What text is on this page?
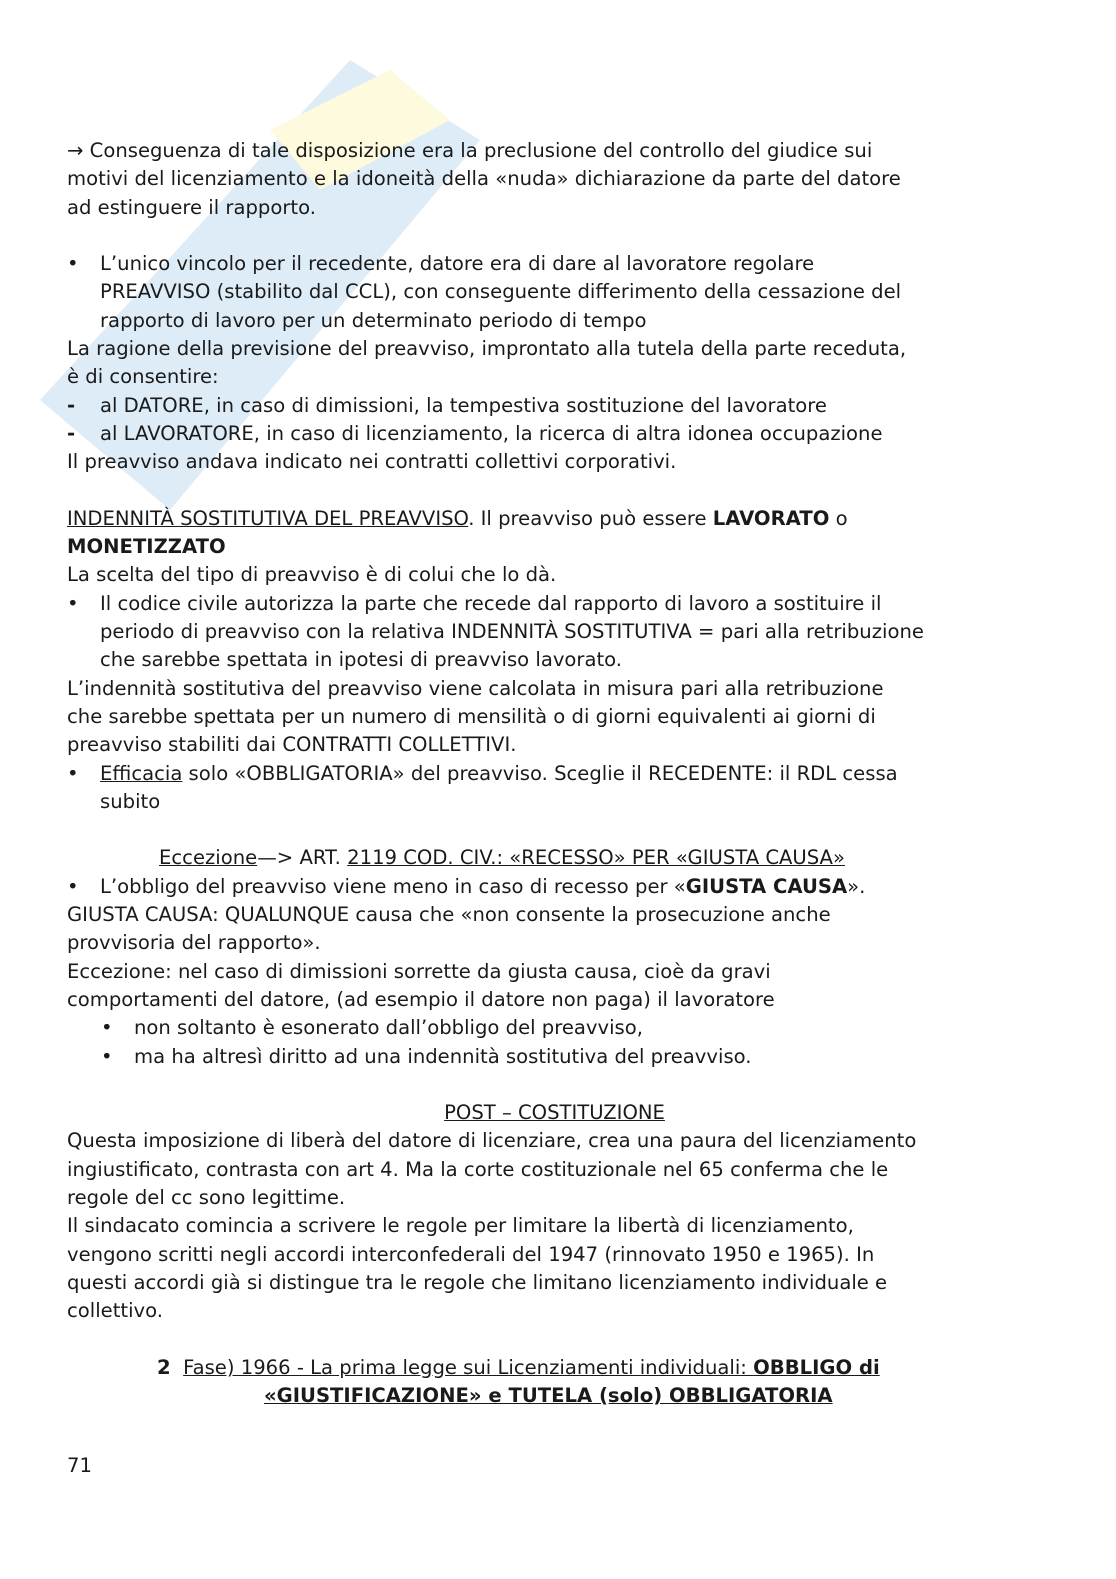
→ Conseguenza di tale disposizione era la preclusione del controllo del giudice sui
motivi del licenziamento e la idoneità della «nuda» dichiarazione da parte del datore
ad estinguere il rapporto.
• L’unico vincolo per il recedente, datore era di dare al lavoratore regolare
PREAVVISO (stabilito dal CCL), con conseguente differimento della cessazione del
rapporto di lavoro per un determinato periodo di tempo
La ragione della previsione del preavviso, improntato alla tutela della parte receduta,
è di consentire:
- al DATORE, in caso di dimissioni, la tempestiva sostituzione del lavoratore
- al LAVORATORE, in caso di licenziamento, la ricerca di altra idonea occupazione
Il preavviso andava indicato nei contratti collettivi corporativi.
INDENNITÀ SOSTITUTIVA DEL PREAVVISO. Il preavviso può essere LAVORATO o
MONETIZZATO
La scelta del tipo di preavviso è di colui che lo dà.
• Il codice civile autorizza la parte che recede dal rapporto di lavoro a sostituire il
periodo di preavviso con la relativa INDENNITÀ SOSTITUTIVA = pari alla retribuzione
che sarebbe spettata in ipotesi di preavviso lavorato.
L’indennità sostitutiva del preavviso viene calcolata in misura pari alla retribuzione
che sarebbe spettata per un numero di mensilità o di giorni equivalenti ai giorni di
preavviso stabiliti dai CONTRATTI COLLETTIVI.
• Efficacia solo «OBBLIGATORIA» del preavviso. Sceglie il RECEDENTE: il RDL cessa
subito
Eccezione—> ART. 2119 COD. CIV.: «RECESSO» PER «GIUSTA CAUSA»
• L’obbligo del preavviso viene meno in caso di recesso per «GIUSTA CAUSA».
GIUSTA CAUSA: QUALUNQUE causa che «non consente la prosecuzione anche
provvisoria del rapporto».
Eccezione: nel caso di dimissioni sorrette da giusta causa, cioè da gravi
comportamenti del datore, (ad esempio il datore non paga) il lavoratore
• non soltanto è esonerato dall’obbligo del preavviso,
• ma ha altresì diritto ad una indennità sostitutiva del preavviso.
POST – COSTITUZIONE
Questa imposizione di liberà del datore di licenziare, crea una paura del licenziamento
ingiustificato, contrasta con art 4. Ma la corte costituzionale nel 65 conferma che le
regole del cc sono legittime.
Il sindacato comincia a scrivere le regole per limitare la libertà di licenziamento,
vengono scritti negli accordi interconfederali del 1947 (rinnovato 1950 e 1965). In
questi accordi già si distingue tra le regole che limitano licenziamento individuale e
collettivo.
2 Fase) 1966 - La prima legge sui Licenziamenti individuali: OBBLIGO di
«GIUSTIFICAZIONE» e TUTELA (solo) OBBLIGATORIA
71
